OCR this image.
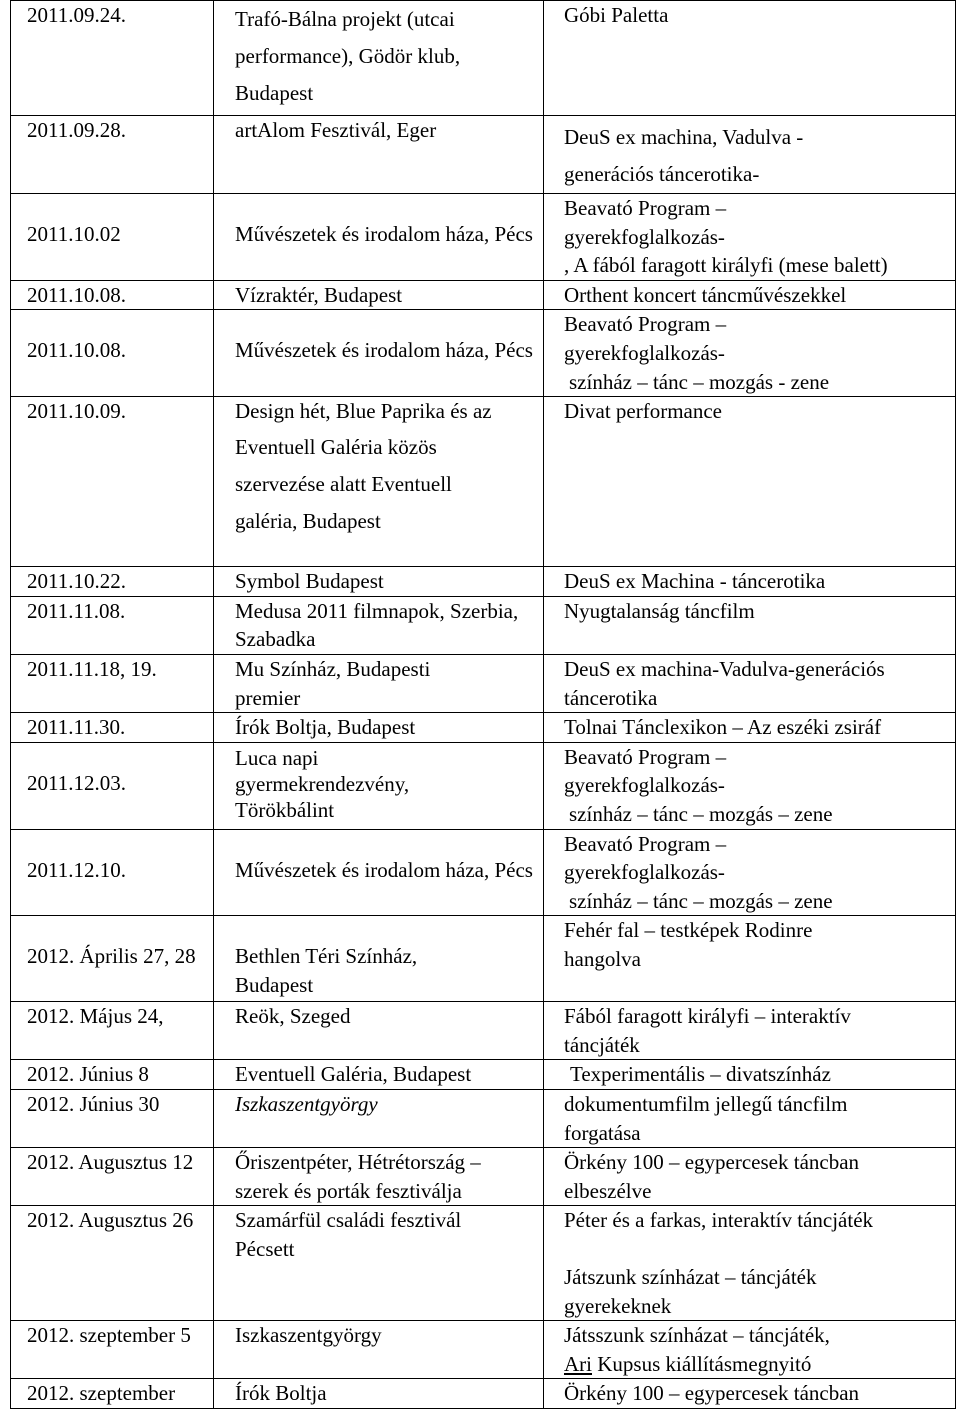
2011.09.24.	Trafó-Bálna projekt (utcai performance), Gödör klub, Budapest	Góbi Paletta

2011.09.28.	artAlom Fesztivál, Eger	DeuS ex machina, Vadulva - generációs táncerotika-

2011.10.02	Művészetek és irodalom háza, Pécs	Beavató Program –
gyerekfoglalkozás-
, A fából faragott királyfi (mese balett)

2011.10.08.	Vízraktér, Budapest	Orthent koncert táncművészekkel

2011.10.08.	Művészetek és irodalom háza, Pécs	Beavató Program –
gyerekfoglalkozás-
színház – tánc – mozgás - zene

2011.10.09.	Design hét, Blue Paprika és az
Eventuell Galéria közös szervezése alatt Eventuell galéria, Budapest	Divat performance

2011.10.22.	Symbol Budapest	DeuS ex Machina - táncerotika

2011.11.08.	Medusa 2011 filmnapok, Szerbia, Szabadka	Nyugtalanság táncfilm

2011.11.18, 19.	Mu Színház, Budapesti premier	DeuS ex machina-Vadulva-generációs táncerotika

2011.11.30.	Írók Boltja, Budapest	Tolnai Tánclexikon – Az eszéki zsiráf

2011.12.03.	Luca napi gyermekrendezvény, Törökbálint	Beavató Program –
gyerekfoglalkozás-
színház – tánc – mozgás – zene

2011.12.10.	Művészetek és irodalom háza, Pécs	Beavató Program –
gyerekfoglalkozás-
színház – tánc – mozgás – zene

2012. Április 27, 28	Bethlen Téri Színház, Budapest	Fehér fal – testképek Rodinre hangolva

2012. Május 24,	Reök, Szeged	Fából faragott királyfi – interaktív táncjáték

2012. Június 8	Eventuell Galéria, Budapest	Texperimentális – divatszínház

2012. Június 30	Iszkaszentgyörgy	dokumentumfilm jellegű táncfilm forgatása

2012. Augusztus 12	Őriszentpéter, Hétrétország – szerek és porták fesztiválja	Örkény 100 – egypercesek táncban elbeszélve

2012. Augusztus 26	Szamárfül családi fesztivál Pécsett	Péter és a farkas, interaktív táncjáték
Játszunk színházat – táncjáték gyerekeknek

2012. szeptember 5	Iszkaszentgyörgy	Játsszunk színházat – táncjáték,
Ari Kupsus kiállításmegnyitó

2012. szeptember	Írók Boltja	Örkény 100 – egypercesek táncban
